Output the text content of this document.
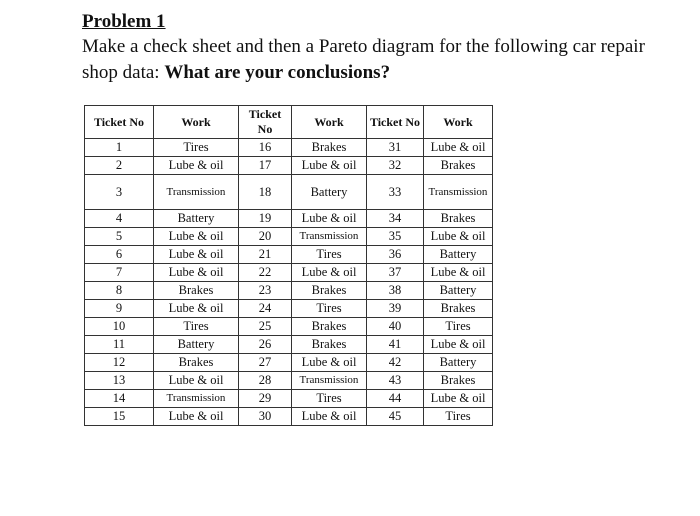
Problem 1

Make a check sheet and then a Pareto diagram for the following car repair shop data: What are your conclusions?

Ticket No	Work	Ticket No	Work	Ticket No	Work
1	Tires	16	Brakes	31	Lube & oil
2	Lube & oil	17	Lube & oil	32	Brakes
3	Transmission	18	Battery	33	Transmission
4	Battery	19	Lube & oil	34	Brakes
5	Lube & oil	20	Transmission	35	Lube & oil
6	Lube & oil	21	Tires	36	Battery
7	Lube & oil	22	Lube & oil	37	Lube & oil
8	Brakes	23	Brakes	38	Battery
9	Lube & oil	24	Tires	39	Brakes
10	Tires	25	Brakes	40	Tires
11	Battery	26	Brakes	41	Lube & oil
12	Brakes	27	Lube & oil	42	Battery
13	Lube & oil	28	Transmission	43	Brakes
14	Transmission	29	Tires	44	Lube & oil
15	Lube & oil	30	Lube & oil	45	Tires
